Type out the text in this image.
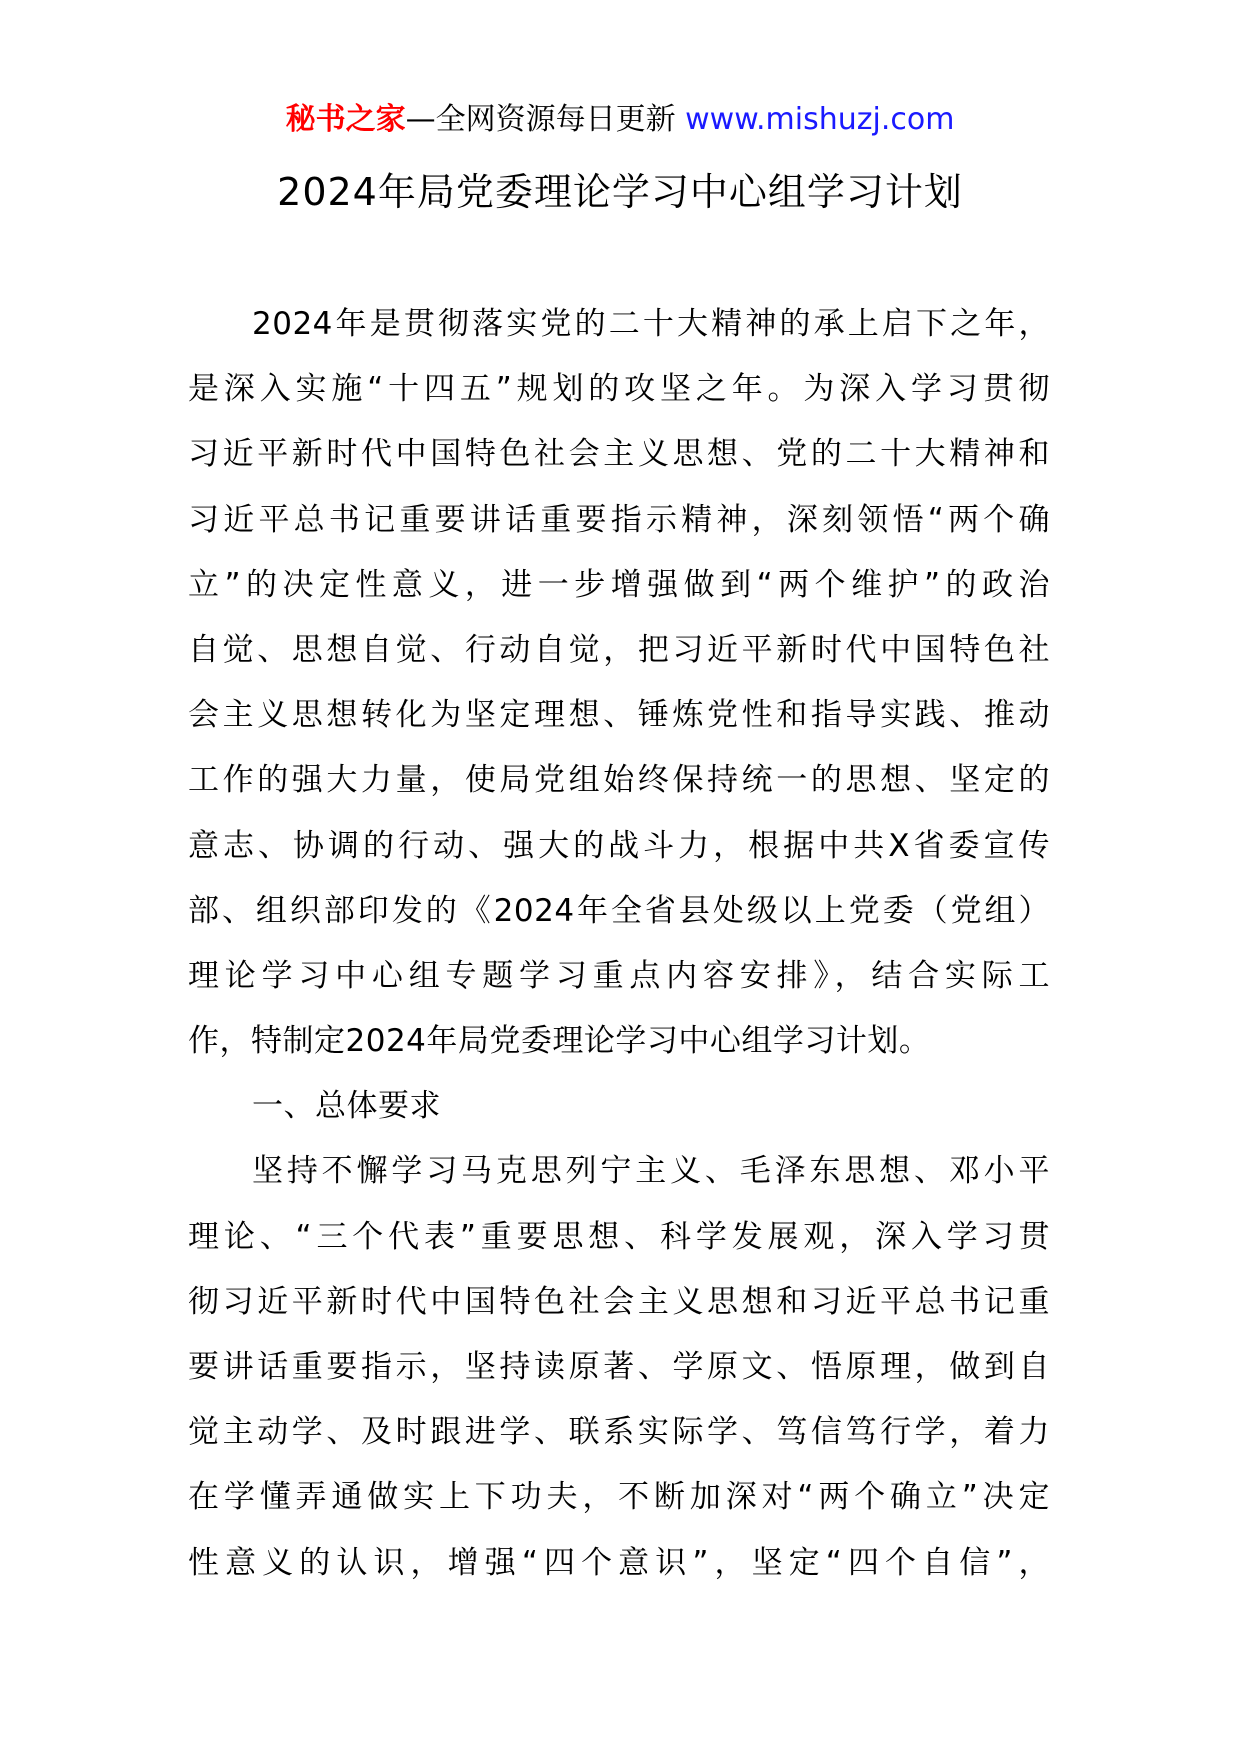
秘书之家—全网资源每日更新 www.mishuzj.com
2024年局党委理论学习中心组学习计划
2024年是贯彻落实党的二十大精神的承上启下之年，
是深入实施“十四五”规划的攻坚之年。为深入学习贯彻
习近平新时代中国特色社会主义思想、党的二十大精神和
习近平总书记重要讲话重要指示精神，深刻领悟“两个确
立”的决定性意义，进一步增强做到“两个维护”的政治
自觉、思想自觉、行动自觉，把习近平新时代中国特色社
会主义思想转化为坚定理想、锤炼党性和指导实践、推动
工作的强大力量，使局党组始终保持统一的思想、坚定的
意志、协调的行动、强大的战斗力，根据中共X省委宣传
部、组织部印发的《2024年全省县处级以上党委（党组）
理论学习中心组专题学习重点内容安排》，结合实际工
作，特制定2024年局党委理论学习中心组学习计划。
一、总体要求
坚持不懈学习马克思列宁主义、毛泽东思想、邓小平
理论、“三个代表”重要思想、科学发展观，深入学习贯
彻习近平新时代中国特色社会主义思想和习近平总书记重
要讲话重要指示，坚持读原著、学原文、悟原理，做到自
觉主动学、及时跟进学、联系实际学、笃信笃行学，着力
在学懂弄通做实上下功夫，不断加深对“两个确立”决定
性意义的认识，增强“四个意识”，坚定“四个自信”，
